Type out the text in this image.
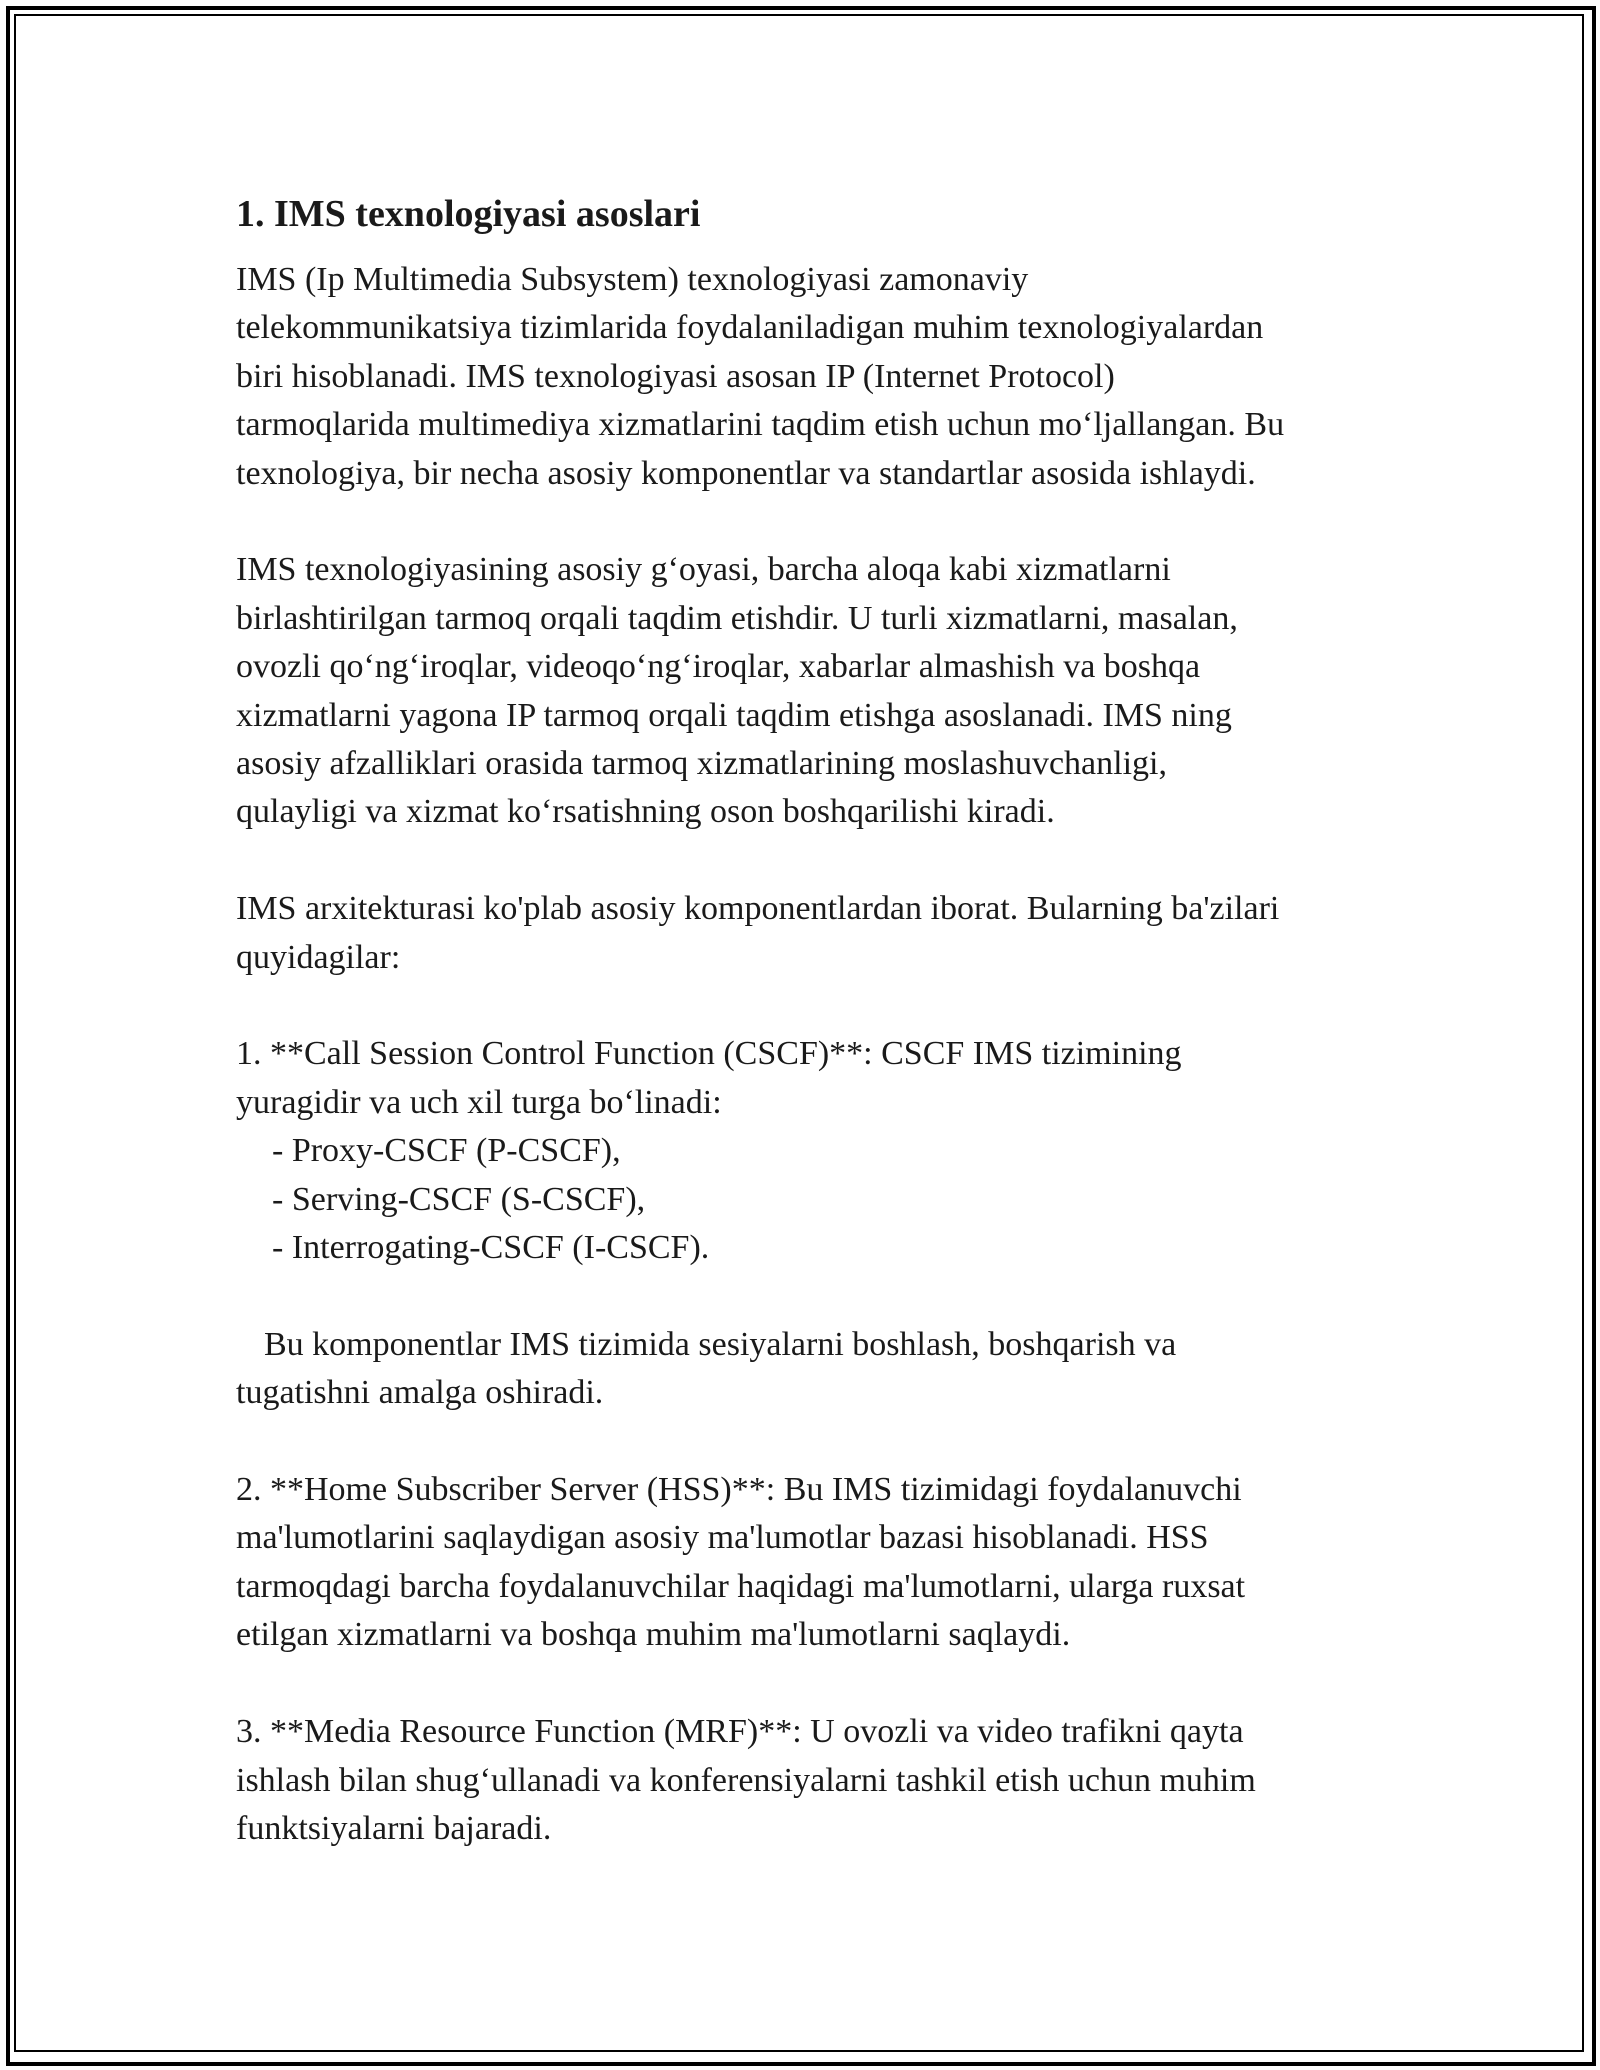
1. IMS texnologiyasi asoslari

IMS (Ip Multimedia Subsystem) texnologiyasi zamonaviy
telekommunikatsiya tizimlarida foydalaniladigan muhim texnologiyalardan
biri hisoblanadi. IMS texnologiyasi asosan IP (Internet Protocol)
tarmoqlarida multimediya xizmatlarini taqdim etish uchun mo‘ljallangan. Bu
texnologiya, bir necha asosiy komponentlar va standartlar asosida ishlaydi.

IMS texnologiyasining asosiy g‘oyasi, barcha aloqa kabi xizmatlarni
birlashtirilgan tarmoq orqali taqdim etishdir. U turli xizmatlarni, masalan,
ovozli qo‘ng‘iroqlar, videoqo‘ng‘iroqlar, xabarlar almashish va boshqa
xizmatlarni yagona IP tarmoq orqali taqdim etishga asoslanadi. IMS ning
asosiy afzalliklari orasida tarmoq xizmatlarining moslashuvchanligi,
qulayligi va xizmat ko‘rsatishning oson boshqarilishi kiradi.

IMS arxitekturasi ko'plab asosiy komponentlardan iborat. Bularning ba'zilari
quyidagilar:

1. **Call Session Control Function (CSCF)**: CSCF IMS tizimining
yuragidir va uch xil turga bo‘linadi:

- Proxy-CSCF (P-CSCF),

- Serving-CSCF (S-CSCF),

- Interrogating-CSCF (I-CSCF).

Bu komponentlar IMS tizimida sesiyalarni boshlash, boshqarish va
tugatishni amalga oshiradi.

2. **Home Subscriber Server (HSS)**: Bu IMS tizimidagi foydalanuvchi
ma'lumotlarini saqlaydigan asosiy ma'lumotlar bazasi hisoblanadi. HSS
tarmoqdagi barcha foydalanuvchilar haqidagi ma'lumotlarni, ularga ruxsat
etilgan xizmatlarni va boshqa muhim ma'lumotlarni saqlaydi.

3. **Media Resource Function (MRF)**: U ovozli va video trafikni qayta
ishlash bilan shug‘ullanadi va konferensiyalarni tashkil etish uchun muhim
funktsiyalarni bajaradi.
